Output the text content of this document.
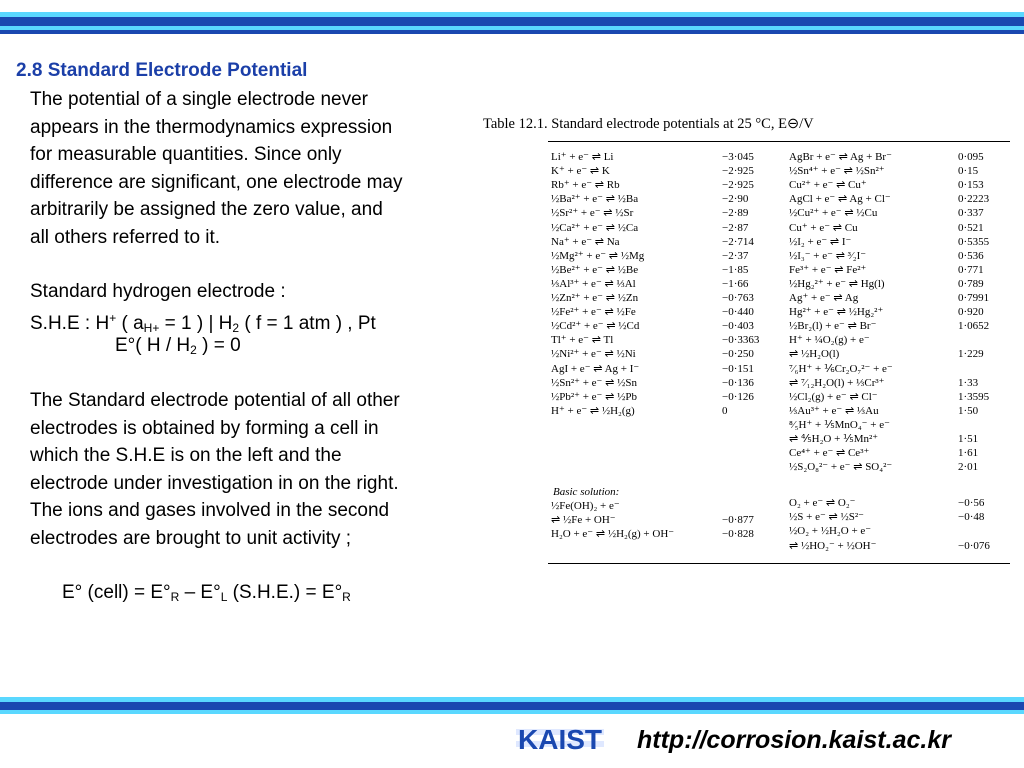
2.8 Standard Electrode Potential
The potential of a single electrode never
appears in the thermodynamics expression
for measurable quantities. Since only
difference are significant, one electrode may
arbitrarily be assigned the zero value, and
all others referred to it.
Standard hydrogen electrode :
S.H.E : H+ ( $a_{H+} = 1$ ) | $H_2$ ( f = 1 atm ) , Pt
E°( H / $H_2$ ) = 0
The Standard electrode potential of all other
electrodes is obtained by forming a cell in
which the S.H.E is on the left and the
electrode under investigation in on the right.
The ions and gases involved in the second
electrodes are brought to unit activity ;
E° (cell) = $E^\circ_R - E^\circ_L$ $(S.H.E.) = E^\circ_R$
Table 12.1. Standard electrode potentials at 25 °C, E⊖/V
Li⁺ + e⁻ ⇌ Li	−3·045
K⁺ + e⁻ ⇌ K	−2·925
Rb⁺ + e⁻ ⇌ Rb	−2·925
½Ba²⁺ + e⁻ ⇌ ½Ba	−2·90
½Sr²⁺ + e⁻ ⇌ ½Sr	−2·89
½Ca²⁺ + e⁻ ⇌ ½Ca	−2·87
Na⁺ + e⁻ ⇌ Na	−2·714
½Mg²⁺ + e⁻ ⇌ ½Mg	−2·37
½Be²⁺ + e⁻ ⇌ ½Be	−1·85
⅓Al³⁺ + e⁻ ⇌ ⅓Al	−1·66
½Zn²⁺ + e⁻ ⇌ ½Zn	−0·763
½Fe²⁺ + e⁻ ⇌ ½Fe	−0·440
½Cd²⁺ + e⁻ ⇌ ½Cd	−0·403
Tl⁺ + e⁻ ⇌ Tl	−0·3363
½Ni²⁺ + e⁻ ⇌ ½Ni	−0·250
AgI + e⁻ ⇌ Ag + I⁻	−0·151
½Sn²⁺ + e⁻ ⇌ ½Sn	−0·136
½Pb²⁺ + e⁻ ⇌ ½Pb	−0·126
H⁺ + e⁻ ⇌ ½H₂(g)	0
AgBr + e⁻ ⇌ Ag + Br⁻	0·095
½Sn⁴⁺ + e⁻ ⇌ ½Sn²⁺	0·15
Cu²⁺ + e⁻ ⇌ Cu⁺	0·153
AgCl + e⁻ ⇌ Ag + Cl⁻	0·2223
½Cu²⁺ + e⁻ ⇌ ½Cu	0·337
Cu⁺ + e⁻ ⇌ Cu	0·521
½I₂ + e⁻ ⇌ I⁻	0·5355
½I₃⁻ + e⁻ ⇌ ³⁄₂I⁻	0·536
Fe³⁺ + e⁻ ⇌ Fe²⁺	0·771
½Hg₂²⁺ + e⁻ ⇌ Hg(l)	0·789
Ag⁺ + e⁻ ⇌ Ag	0·7991
Hg²⁺ + e⁻ ⇌ ½Hg₂²⁺	0·920
½Br₂(l) + e⁻ ⇌ Br⁻	1·0652
H⁺ + ¼O₂(g) + e⁻
⇌ ½H₂O(l)	1·229
⁷⁄₆H⁺ + ⅙Cr₂O₇²⁻ + e⁻
⇌ ⁷⁄₁₂H₂O(l) + ⅓Cr³⁺	1·33
½Cl₂(g) + e⁻ ⇌ Cl⁻	1·3595
⅓Au³⁺ + e⁻ ⇌ ⅓Au	1·50
⁸⁄₅H⁺ + ⅕MnO₄⁻ + e⁻
⇌ ⅘H₂O + ⅕Mn²⁺	1·51
Ce⁴⁺ + e⁻ ⇌ Ce³⁺	1·61
½S₂O₈²⁻ + e⁻ ⇌ SO₄²⁻	2·01
Basic solution:
½Fe(OH)₂ + e⁻
⇌ ½Fe + OH⁻	−0·877
H₂O + e⁻ ⇌ ½H₂(g) + OH⁻	−0·828
O₂ + e⁻ ⇌ O₂⁻	−0·56
½S + e⁻ ⇌ ½S²⁻	−0·48
½O₂ + ½H₂O + e⁻
⇌ ½HO₂⁻ + ½OH⁻	−0·076
KAIST http://corrosion.kaist.ac.kr
